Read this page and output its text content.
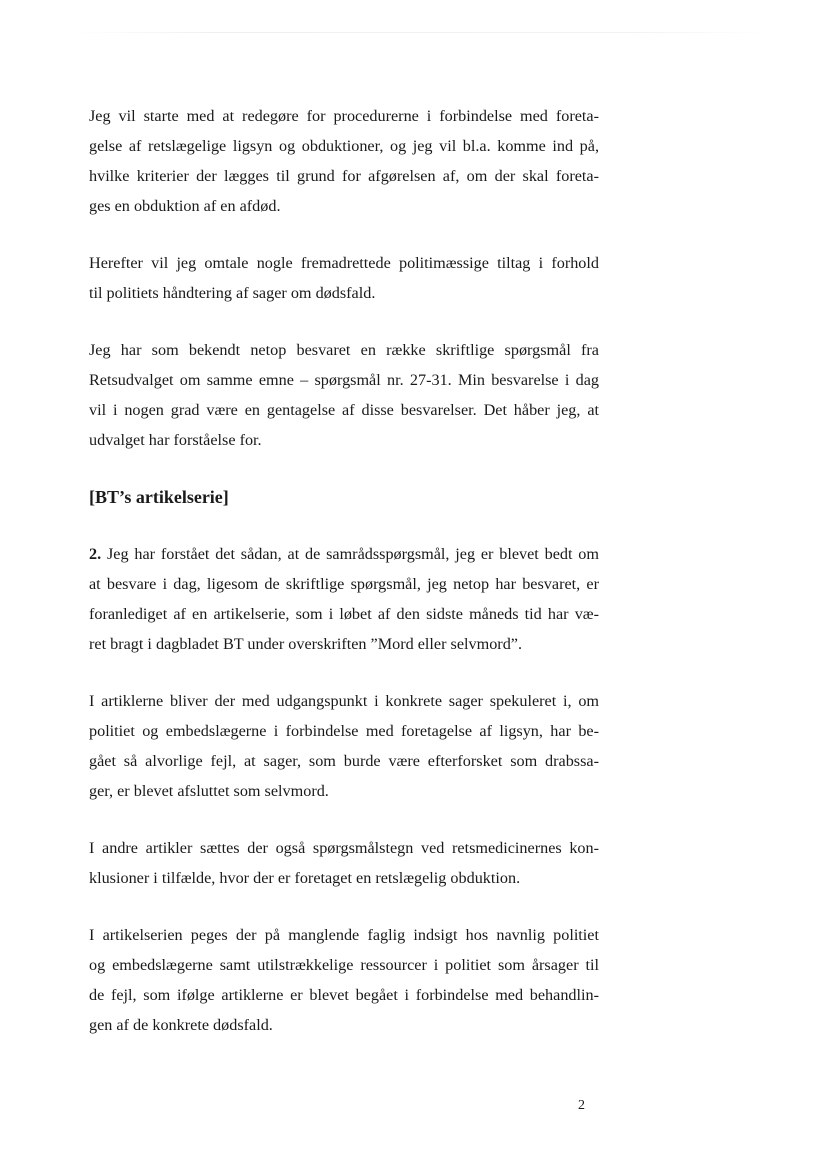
Jeg vil starte med at redegøre for procedurerne i forbindelse med foreta-
gelse af retslægelige ligsyn og obduktioner, og jeg vil bl.a. komme ind på,
hvilke kriterier der lægges til grund for afgørelsen af, om der skal foreta-
ges en obduktion af en afdød.

Herefter vil jeg omtale nogle fremadrettede politimæssige tiltag i forhold
til politiets håndtering af sager om dødsfald.

Jeg har som bekendt netop besvaret en række skriftlige spørgsmål fra
Retsudvalget om samme emne – spørgsmål nr. 27-31. Min besvarelse i dag
vil i nogen grad være en gentagelse af disse besvarelser. Det håber jeg, at
udvalget har forståelse for.

[BT’s artikelserie]

2. Jeg har forstået det sådan, at de samrådsspørgsmål, jeg er blevet bedt om
at besvare i dag, ligesom de skriftlige spørgsmål, jeg netop har besvaret, er
foranlediget af en artikelserie, som i løbet af den sidste måneds tid har væ-
ret bragt i dagbladet BT under overskriften ”Mord eller selvmord”.

I artiklerne bliver der med udgangspunkt i konkrete sager spekuleret i, om
politiet og embedslægerne i forbindelse med foretagelse af ligsyn, har be-
gået så alvorlige fejl, at sager, som burde være efterforsket som drabssa-
ger, er blevet afsluttet som selvmord.

I andre artikler sættes der også spørgsmålstegn ved retsmedicinernes kon-
klusioner i tilfælde, hvor der er foretaget en retslægelig obduktion.

I artikelserien peges der på manglende faglig indsigt hos navnlig politiet
og embedslægerne samt utilstrækkelige ressourcer i politiet som årsager til
de fejl, som ifølge artiklerne er blevet begået i forbindelse med behandlin-
gen af de konkrete dødsfald.

2
